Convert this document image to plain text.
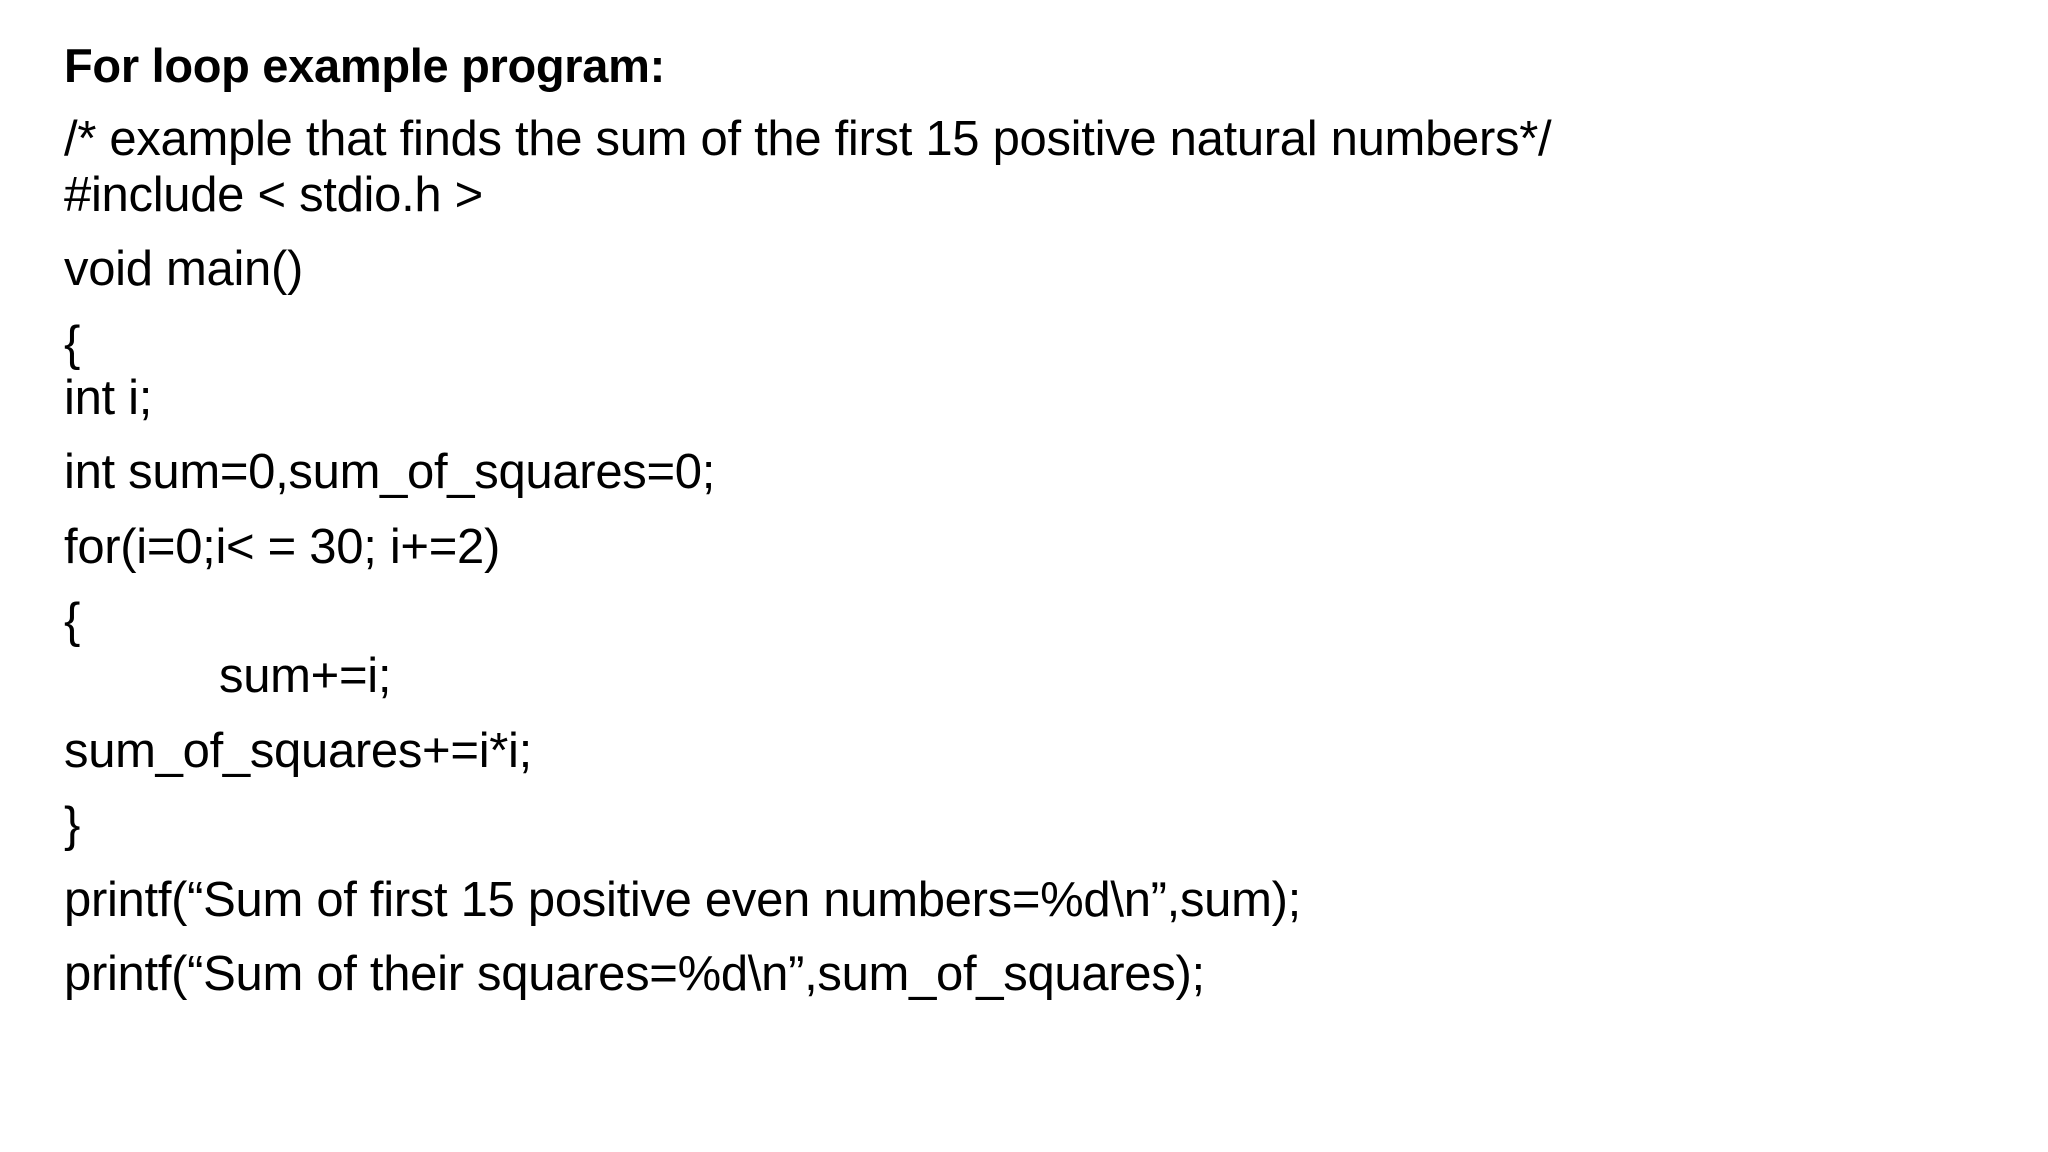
For loop example program:
/* example that finds the sum of the first 15 positive natural numbers*/
#include < stdio.h >
void main()
{
int i;
int sum=0,sum_of_squares=0;
for(i=0;i< = 30; i+=2)
{
sum+=i;
sum_of_squares+=i*i;
}
printf(“Sum of first 15 positive even numbers=%d\n”,sum);
printf(“Sum of their squares=%d\n”,sum_of_squares);
